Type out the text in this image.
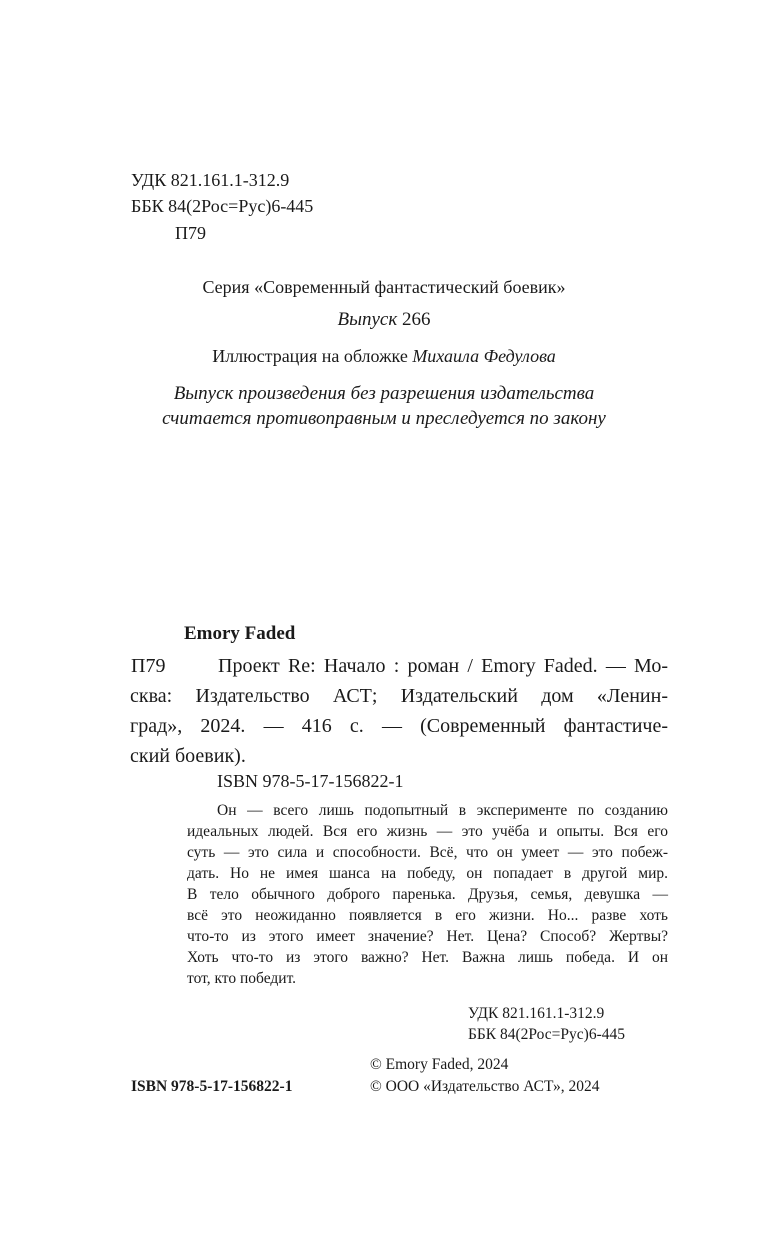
УДК 821.161.1-312.9
ББК 84(2Рос=Рус)6-445
П79
Серия «Современный фантастический боевик»
Выпуск 266
Иллюстрация на обложке Михаила Федулова
Выпуск произведения без разрешения издательства
считается противоправным и преследуется по закону
Emory Faded
П79	Проект Re: Начало : роман / Emory Faded. — Мо-
сква: Издательство АСТ; Издательский дом «Ленин-
град», 2024. — 416 с. — (Современный фантастиче-
ский боевик).
ISBN 978-5-17-156822-1
Он — всего лишь подопытный в эксперименте по созданию
идеальных людей. Вся его жизнь — это учёба и опыты. Вся его
суть — это сила и способности. Всё, что он умеет — это побеж-
дать. Но не имея шанса на победу, он попадает в другой мир.
В тело обычного доброго паренька. Друзья, семья, девушка —
всё это неожиданно появляется в его жизни. Но... разве хоть
что-то из этого имеет значение? Нет. Цена? Способ? Жертвы?
Хоть что-то из этого важно? Нет. Важна лишь победа. И он
тот, кто победит.
УДК 821.161.1-312.9
ББК 84(2Рос=Рус)6-445
© Emory Faded, 2024
© ООО «Издательство АСТ», 2024
ISBN 978-5-17-156822-1
